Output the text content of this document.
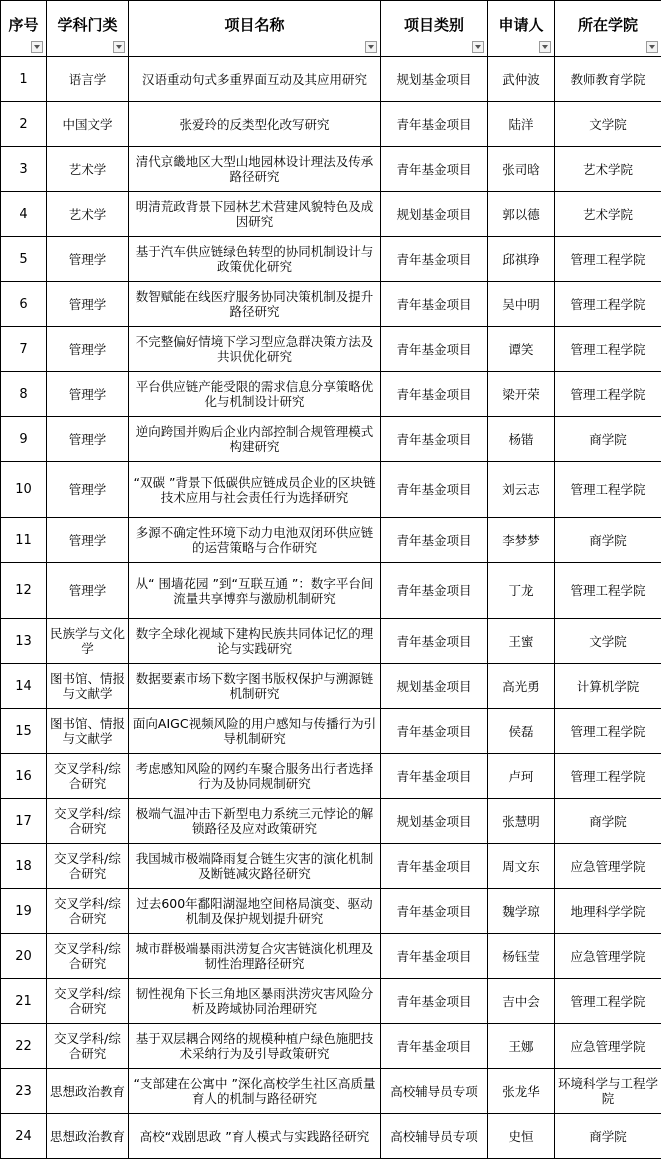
序号	学科门类	项目名称	项目类别	申请人	所在学院

1	语言学	汉语重动句式多重界面互动及其应用研究	规划基金项目	武仲波	教师教育学院
2	中国文学	张爱玲的反类型化改写研究	青年基金项目	陆洋	文学院
3	艺术学	清代京畿地区大型山地园林设计理法及传承路径研究	青年基金项目	张司晗	艺术学院
4	艺术学	明清荒政背景下园林艺术营建风貌特色及成因研究	规划基金项目	郭以德	艺术学院
5	管理学	基于汽车供应链绿色转型的协同机制设计与政策优化研究	青年基金项目	邱祺琤	管理工程学院
6	管理学	数智赋能在线医疗服务协同决策机制及提升路径研究	青年基金项目	吴中明	管理工程学院
7	管理学	不完整偏好情境下学习型应急群决策方法及共识优化研究	青年基金项目	谭笑	管理工程学院
8	管理学	平台供应链产能受限的需求信息分享策略优化与机制设计研究	青年基金项目	梁开荣	管理工程学院
9	管理学	逆向跨国并购后企业内部控制合规管理模式构建研究	青年基金项目	杨锴	商学院
10	管理学	“双碳 ”背景下低碳供应链成员企业的区块链技术应用与社会责任行为选择研究	青年基金项目	刘云志	管理工程学院
11	管理学	多源不确定性环境下动力电池双闭环供应链的运营策略与合作研究	青年基金项目	李梦梦	商学院
12	管理学	从“ 围墙花园 ”到“互联互通 ”：数字平台间流量共享博弈与激励机制研究	青年基金项目	丁龙	管理工程学院
13	民族学与文化学	数字全球化视域下建构民族共同体记忆的理论与实践研究	青年基金项目	王蜜	文学院
14	图书馆、情报与文献学	数据要素市场下数字图书版权保护与溯源链机制研究	规划基金项目	高光勇	计算机学院
15	图书馆、情报与文献学	面向AIGC视频风险的用户感知与传播行为引导机制研究	青年基金项目	侯磊	管理工程学院
16	交叉学科/综合研究	考虑感知风险的网约车聚合服务出行者选择行为及协同规制研究	青年基金项目	卢珂	管理工程学院
17	交叉学科/综合研究	极端气温冲击下新型电力系统三元悖论的解锁路径及应对政策研究	规划基金项目	张慧明	商学院
18	交叉学科/综合研究	我国城市极端降雨复合链生灾害的演化机制及断链减灾路径研究	青年基金项目	周文东	应急管理学院
19	交叉学科/综合研究	过去600年鄱阳湖湿地空间格局演变、驱动机制及保护规划提升研究	青年基金项目	魏学琼	地理科学学院
20	交叉学科/综合研究	城市群极端暴雨洪涝复合灾害链演化机理及韧性治理路径研究	青年基金项目	杨钰莹	应急管理学院
21	交叉学科/综合研究	韧性视角下长三角地区暴雨洪涝灾害风险分析及跨域协同治理研究	青年基金项目	吉中会	管理工程学院
22	交叉学科/综合研究	基于双层耦合网络的规模种植户绿色施肥技术采纳行为及引导政策研究	青年基金项目	王娜	应急管理学院
23	思想政治教育	“支部建在公寓中 ”深化高校学生社区高质量育人的机制与路径研究	高校辅导员专项	张龙华	环境科学与工程学院
24	思想政治教育	高校“戏剧思政 ”育人模式与实践路径研究	高校辅导员专项	史恒	商学院
